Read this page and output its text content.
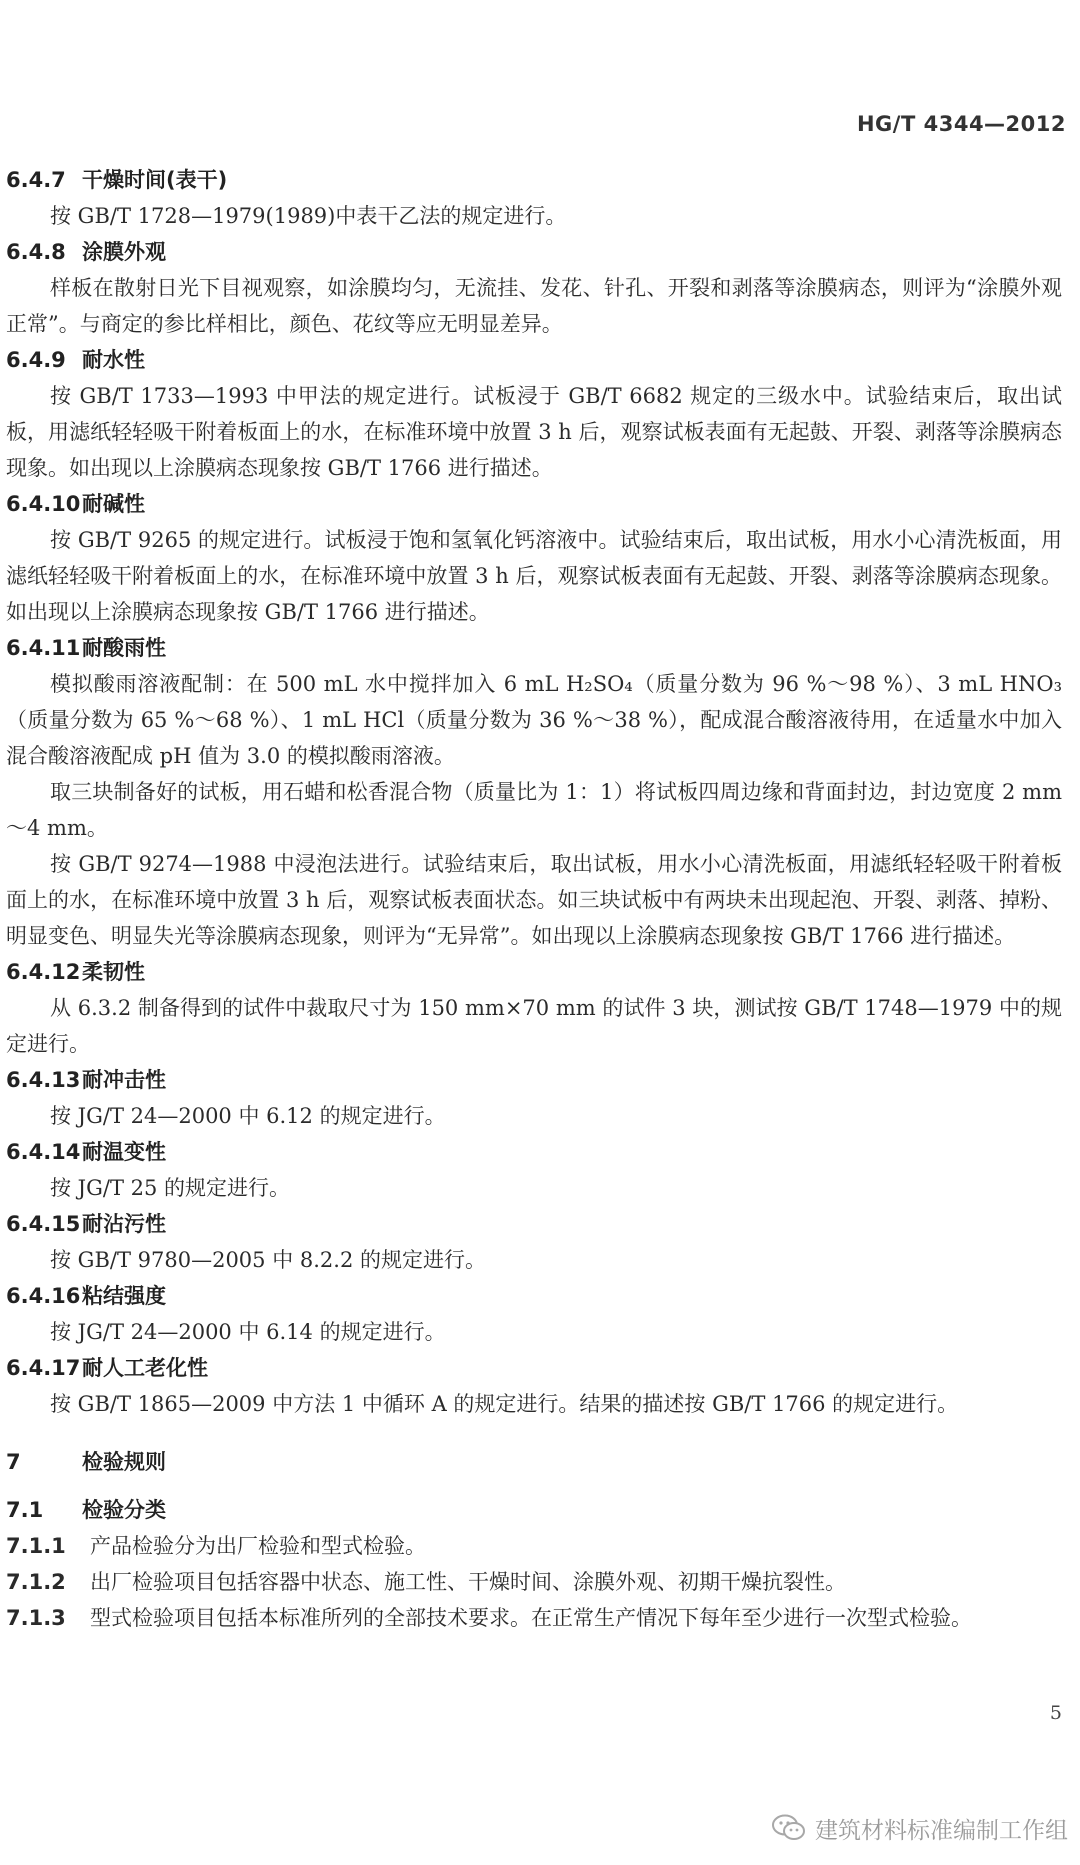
HG/T 4344—2012
6.4.7 干燥时间(表干)
按 GB/T 1728—1979(1989)中表干乙法的规定进行。
6.4.8 涂膜外观
样板在散射日光下目视观察，如涂膜均匀，无流挂、发花、针孔、开裂和剥落等涂膜病态，则评为“涂膜外观正常”。与商定的参比样相比，颜色、花纹等应无明显差异。
6.4.9 耐水性
按 GB/T 1733—1993 中甲法的规定进行。试板浸于 GB/T 6682 规定的三级水中。试验结束后，取出试板，用滤纸轻轻吸干附着板面上的水，在标准环境中放置 3 h 后，观察试板表面有无起鼓、开裂、剥落等涂膜病态现象。如出现以上涂膜病态现象按 GB/T 1766 进行描述。
6.4.10耐碱性
按 GB/T 9265 的规定进行。试板浸于饱和氢氧化钙溶液中。试验结束后，取出试板，用水小心清洗板面，用滤纸轻轻吸干附着板面上的水，在标准环境中放置 3 h 后，观察试板表面有无起鼓、开裂、剥落等涂膜病态现象。如出现以上涂膜病态现象按 GB/T 1766 进行描述。
6.4.11耐酸雨性
模拟酸雨溶液配制：在 500 mL 水中搅拌加入 6 mL H₂SO₄（质量分数为 96 %～98 %）、3 mL HNO₃（质量分数为 65 %～68 %）、1 mL HCl（质量分数为 36 %～38 %），配成混合酸溶液待用，在适量水中加入混合酸溶液配成 pH 值为 3.0 的模拟酸雨溶液。
取三块制备好的试板，用石蜡和松香混合物（质量比为 1：1）将试板四周边缘和背面封边，封边宽度 2 mm～4 mm。
按 GB/T 9274—1988 中浸泡法进行。试验结束后，取出试板，用水小心清洗板面，用滤纸轻轻吸干附着板面上的水，在标准环境中放置 3 h 后，观察试板表面状态。如三块试板中有两块未出现起泡、开裂、剥落、掉粉、明显变色、明显失光等涂膜病态现象，则评为“无异常”。如出现以上涂膜病态现象按 GB/T 1766 进行描述。
6.4.12柔韧性
从 6.3.2 制备得到的试件中裁取尺寸为 150 mm×70 mm 的试件 3 块，测试按 GB/T 1748—1979 中的规定进行。
6.4.13耐冲击性
按 JG/T 24—2000 中 6.12 的规定进行。
6.4.14耐温变性
按 JG/T 25 的规定进行。
6.4.15耐沾污性
按 GB/T 9780—2005 中 8.2.2 的规定进行。
6.4.16粘结强度
按 JG/T 24—2000 中 6.14 的规定进行。
6.4.17耐人工老化性
按 GB/T 1865—2009 中方法 1 中循环 A 的规定进行。结果的描述按 GB/T 1766 的规定进行。
7	检验规则
7.1 检验分类
7.1.1 产品检验分为出厂检验和型式检验。
7.1.2 出厂检验项目包括容器中状态、施工性、干燥时间、涂膜外观、初期干燥抗裂性。
7.1.3 型式检验项目包括本标准所列的全部技术要求。在正常生产情况下每年至少进行一次型式检验。
5
建筑材料标准编制工作组
